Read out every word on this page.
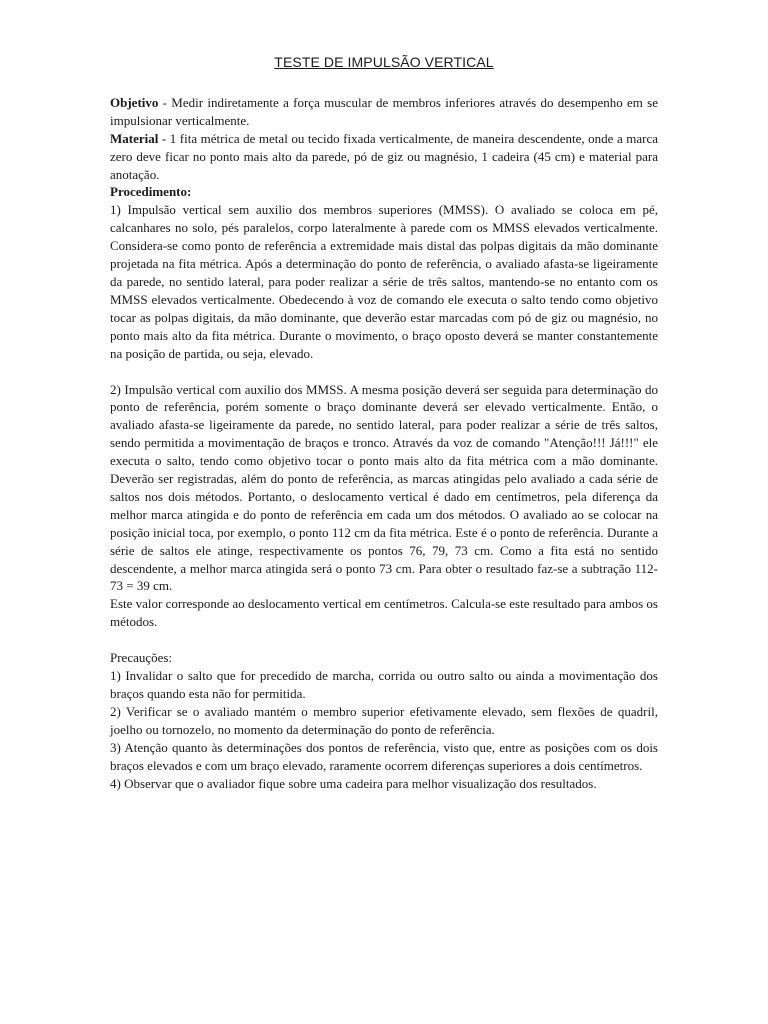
TESTE DE IMPULSÃO VERTICAL

Objetivo - Medir indiretamente a força muscular de membros inferiores através do desempenho em se impulsionar verticalmente.

Material - 1 fita métrica de metal ou tecido fixada verticalmente, de maneira descendente, onde a marca zero deve ficar no ponto mais alto da parede, pó de giz ou magnésio, 1 cadeira (45 cm) e material para anotação.

Procedimento:

1) Impulsão vertical sem auxilio dos membros superiores (MMSS). O avaliado se coloca em pé, calcanhares no solo, pés paralelos, corpo lateralmente à parede com os MMSS elevados verticalmente. Considera-se como ponto de referência a extremidade mais distal das polpas digitais da mão dominante projetada na fita métrica. Após a determinação do ponto de referência, o avaliado afasta-se ligeiramente da parede, no sentido lateral, para poder realizar a série de três saltos, mantendo-se no entanto com os MMSS elevados verticalmente. Obedecendo à voz de comando ele executa o salto tendo como objetivo tocar as polpas digitais, da mão dominante, que deverão estar marcadas com pó de giz ou magnésio, no ponto mais alto da fita métrica. Durante o movimento, o braço oposto deverá se manter constantemente na posição de partida, ou seja, elevado.

2) Impulsão vertical com auxilio dos MMSS. A mesma posição deverá ser seguida para determinação do ponto de referência, porém somente o braço dominante deverá ser elevado verticalmente. Então, o avaliado afasta-se ligeiramente da parede, no sentido lateral, para poder realizar a série de três saltos, sendo permitida a movimentação de braços e tronco. Através da voz de comando "Atenção!!! Já!!!" ele executa o salto, tendo como objetivo tocar o ponto mais alto da fita métrica com a mão dominante. Deverão ser registradas, além do ponto de referência, as marcas atingidas pelo avaliado a cada série de saltos nos dois métodos. Portanto, o deslocamento vertical é dado em centímetros, pela diferença da melhor marca atingida e do ponto de referência em cada um dos métodos. O avaliado ao se colocar na posição inicial toca, por exemplo, o ponto 112 cm da fita métrica. Este é o ponto de referência. Durante a série de saltos ele atinge, respectivamente os pontos 76, 79, 73 cm. Como a fita está no sentido descendente, a melhor marca atingida será o ponto 73 cm. Para obter o resultado faz-se a subtração 112-73 = 39 cm.

Este valor corresponde ao deslocamento vertical em centímetros. Calcula-se este resultado para ambos os métodos.

Precauções:

1) Invalidar o salto que for precedido de marcha, corrida ou outro salto ou ainda a movimentação dos braços quando esta não for permitida.

2) Verificar se o avaliado mantém o membro superior efetivamente elevado, sem flexões de quadril, joelho ou tornozelo, no momento da determinação do ponto de referência.

3) Atenção quanto às determinações dos pontos de referência, visto que, entre as posições com os dois braços elevados e com um braço elevado, raramente ocorrem diferenças superiores a dois centímetros.

4) Observar que o avaliador fique sobre uma cadeira para melhor visualização dos resultados.
